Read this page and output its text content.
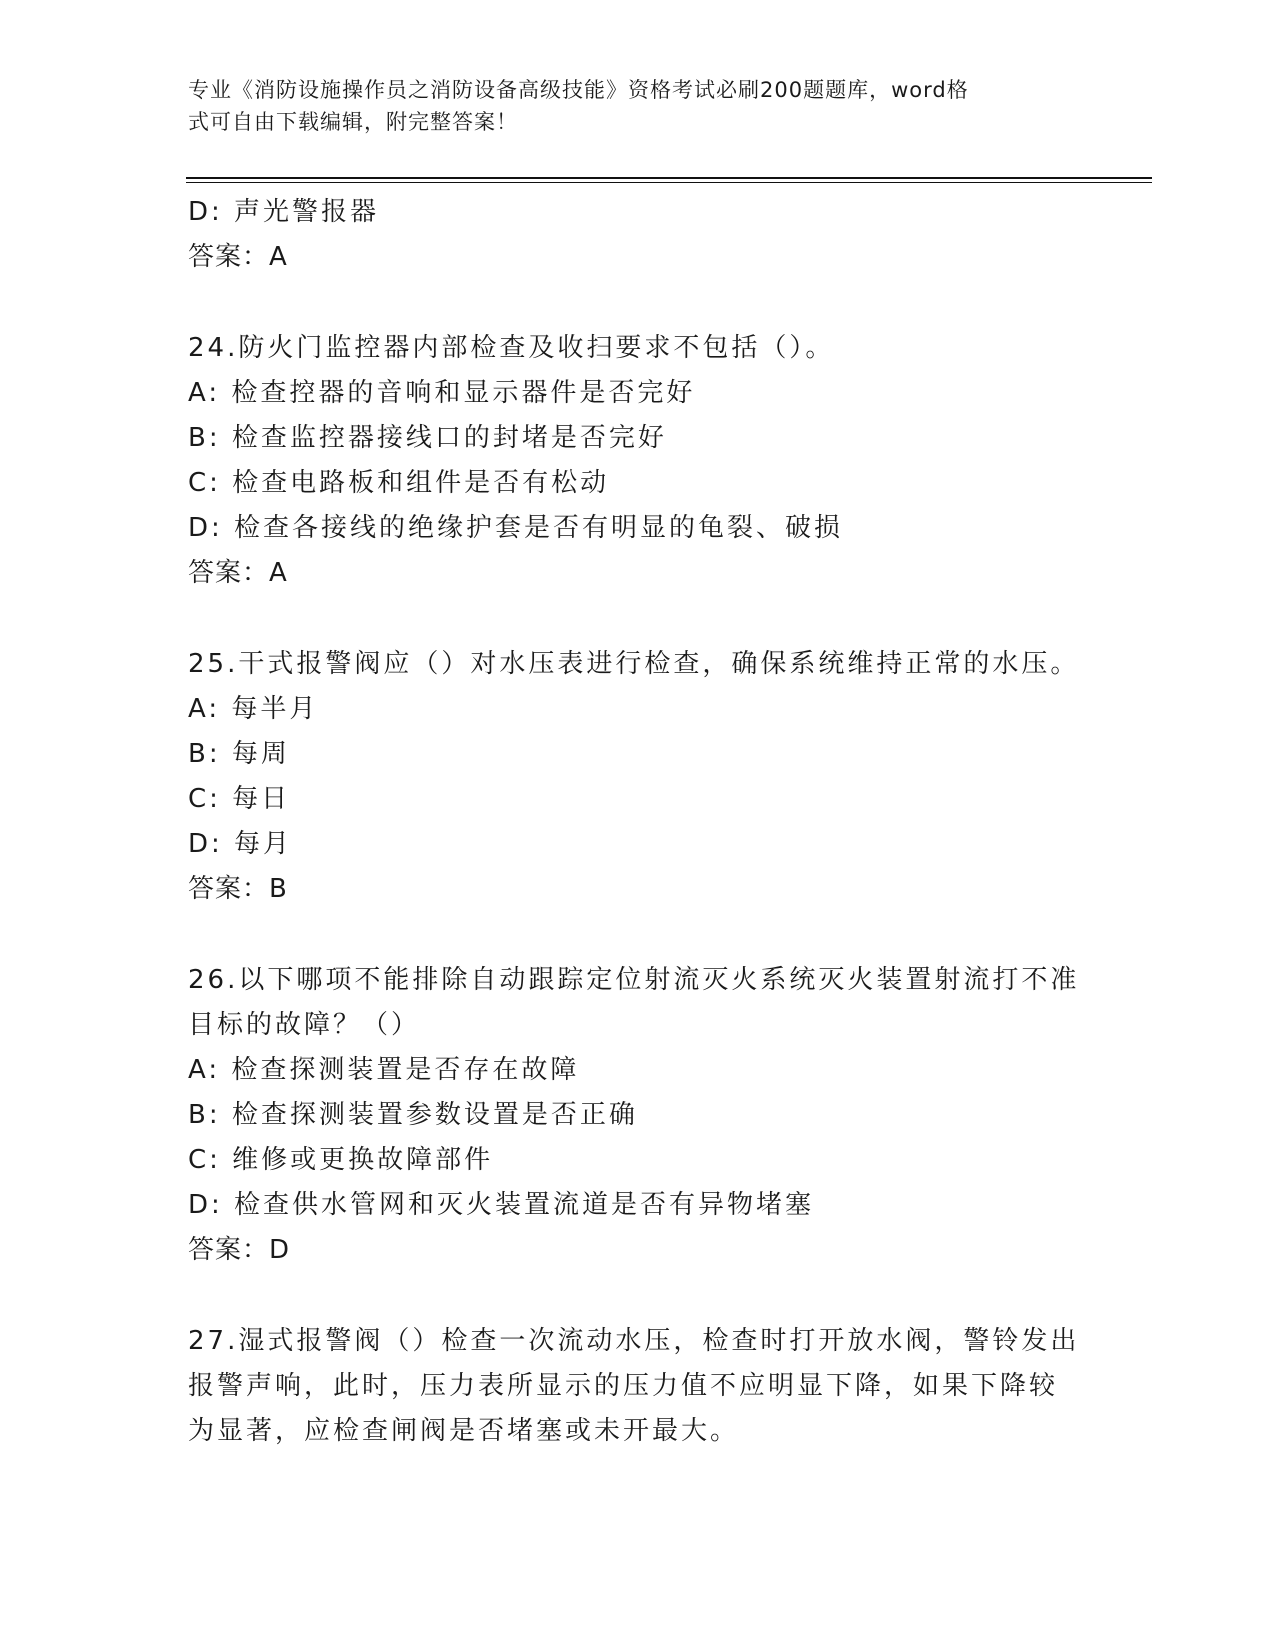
专业《消防设施操作员之消防设备高级技能》资格考试必刷200题题库，word格
式可自由下载编辑，附完整答案！
D: 声光警报器
答案：A
24.防火门监控器内部检查及收扫要求不包括（）。
A: 检查控器的音响和显示器件是否完好
B: 检查监控器接线口的封堵是否完好
C: 检查电路板和组件是否有松动
D: 检查各接线的绝缘护套是否有明显的龟裂、破损
答案：A
25.干式报警阀应（）对水压表进行检查，确保系统维持正常的水压。
A: 每半月
B: 每周
C: 每日
D: 每月
答案：B
26.以下哪项不能排除自动跟踪定位射流灭火系统灭火装置射流打不准
目标的故障？（）
A: 检查探测装置是否存在故障
B: 检查探测装置参数设置是否正确
C: 维修或更换故障部件
D: 检查供水管网和灭火装置流道是否有异物堵塞
答案：D
27.湿式报警阀（）检查一次流动水压，检查时打开放水阀，警铃发出
报警声响，此时，压力表所显示的压力值不应明显下降，如果下降较
为显著，应检查闸阀是否堵塞或未开最大。
